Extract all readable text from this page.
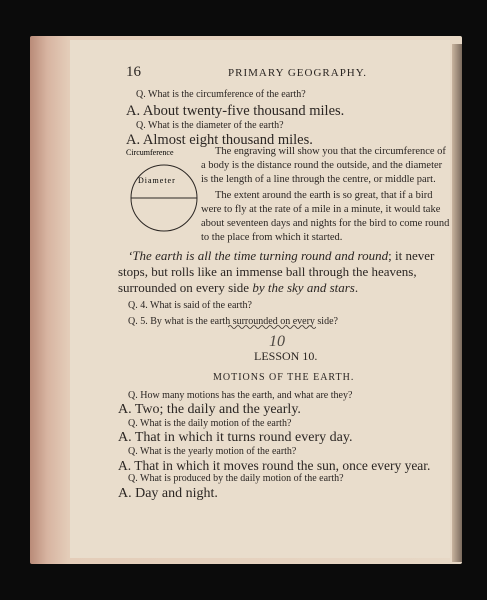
16	PRIMARY GEOGRAPHY.
Q. What is the circumference of the earth?
A. About twenty-five thousand miles.
Q. What is the diameter of the earth?
A. Almost eight thousand miles.
Circumference
Diameter
The engraving will show you that the circumference of
a body is the distance round the outside, and the diameter
is the length of a line through the centre, or middle part.
The extent around the earth is so great, that if a bird
were to fly at the rate of a mile in a minute, it would take
about seventeen days and nights for the bird to come round
to the place from which it started.
‘The earth is all the time turning round and round; it never
stops, but rolls like an immense ball through the heavens,
surrounded on every side by the sky and stars.
Q. 4. What is said of the earth?
Q. 5. By what is the earth surrounded on every side?
10
LESSON 10.
MOTIONS OF THE EARTH.
Q. How many motions has the earth, and what are they?
A. Two; the daily and the yearly.
Q. What is the daily motion of the earth?
A. That in which it turns round every day.
Q. What is the yearly motion of the earth?
A. That in which it moves round the sun, once every year.
Q. What is produced by the daily motion of the earth?
A. Day and night.
